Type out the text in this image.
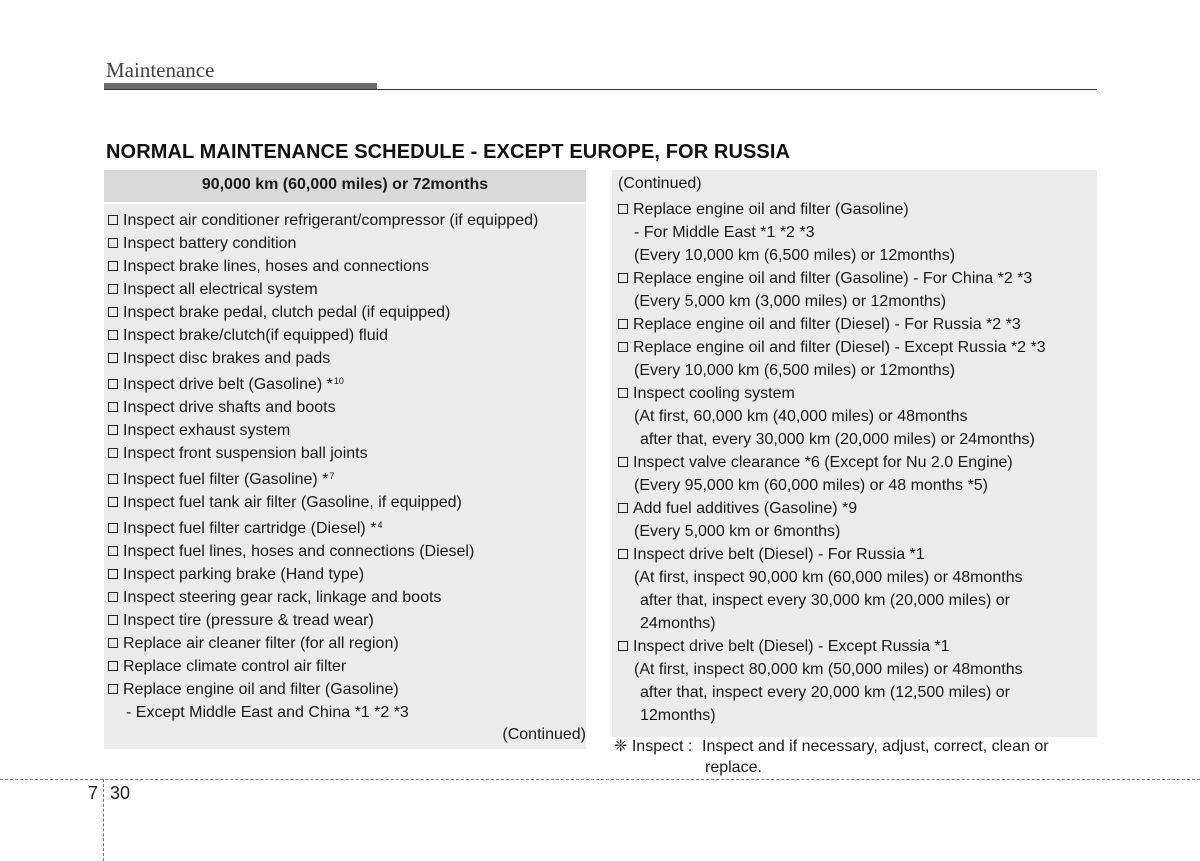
Maintenance
NORMAL MAINTENANCE SCHEDULE - EXCEPT EUROPE, FOR RUSSIA
90,000 km (60,000 miles) or 72months
Inspect air conditioner refrigerant/compressor (if equipped)
Inspect battery condition
Inspect brake lines, hoses and connections
Inspect all electrical system
Inspect brake pedal, clutch pedal (if equipped)
Inspect brake/clutch(if equipped) fluid
Inspect disc brakes and pads
Inspect drive belt (Gasoline) *$^{10}$
Inspect drive shafts and boots
Inspect exhaust system
Inspect front suspension ball joints
Inspect fuel filter (Gasoline) *$^7$
Inspect fuel tank air filter (Gasoline, if equipped)
Inspect fuel filter cartridge (Diesel) *$^4$
Inspect fuel lines, hoses and connections (Diesel)
Inspect parking brake (Hand type)
Inspect steering gear rack, linkage and boots
Inspect tire (pressure & tread wear)
Replace air cleaner filter (for all region)
Replace climate control air filter
Replace engine oil and filter (Gasoline)
- Except Middle East and China *1 *2 *3
(Continued)
(Continued)
Replace engine oil and filter (Gasoline)
- For Middle East *1 *2 *3
(Every 10,000 km (6,500 miles) or 12months)
Replace engine oil and filter (Gasoline) - For China *2 *3
(Every 5,000 km (3,000 miles) or 12months)
Replace engine oil and filter (Diesel) - For Russia *2 *3
Replace engine oil and filter (Diesel) - Except Russia *2 *3
(Every 10,000 km (6,500 miles) or 12months)
Inspect cooling system
(At first, 60,000 km (40,000 miles) or 48months
after that, every 30,000 km (20,000 miles) or 24months)
Inspect valve clearance *6 (Except for Nu 2.0 Engine)
(Every 95,000 km (60,000 miles) or 48 months *5)
Add fuel additives (Gasoline) *9
(Every 5,000 km or 6months)
Inspect drive belt (Diesel) - For Russia *1
(At first, inspect 90,000 km (60,000 miles) or 48months
after that, inspect every 30,000 km (20,000 miles) or
24months)
Inspect drive belt (Diesel) - Except Russia *1
(At first, inspect 80,000 km (50,000 miles) or 48months
after that, inspect every 20,000 km (12,500 miles) or
12months)
❈ Inspect : Inspect and if necessary, adjust, correct, clean or
replace.
7 30
